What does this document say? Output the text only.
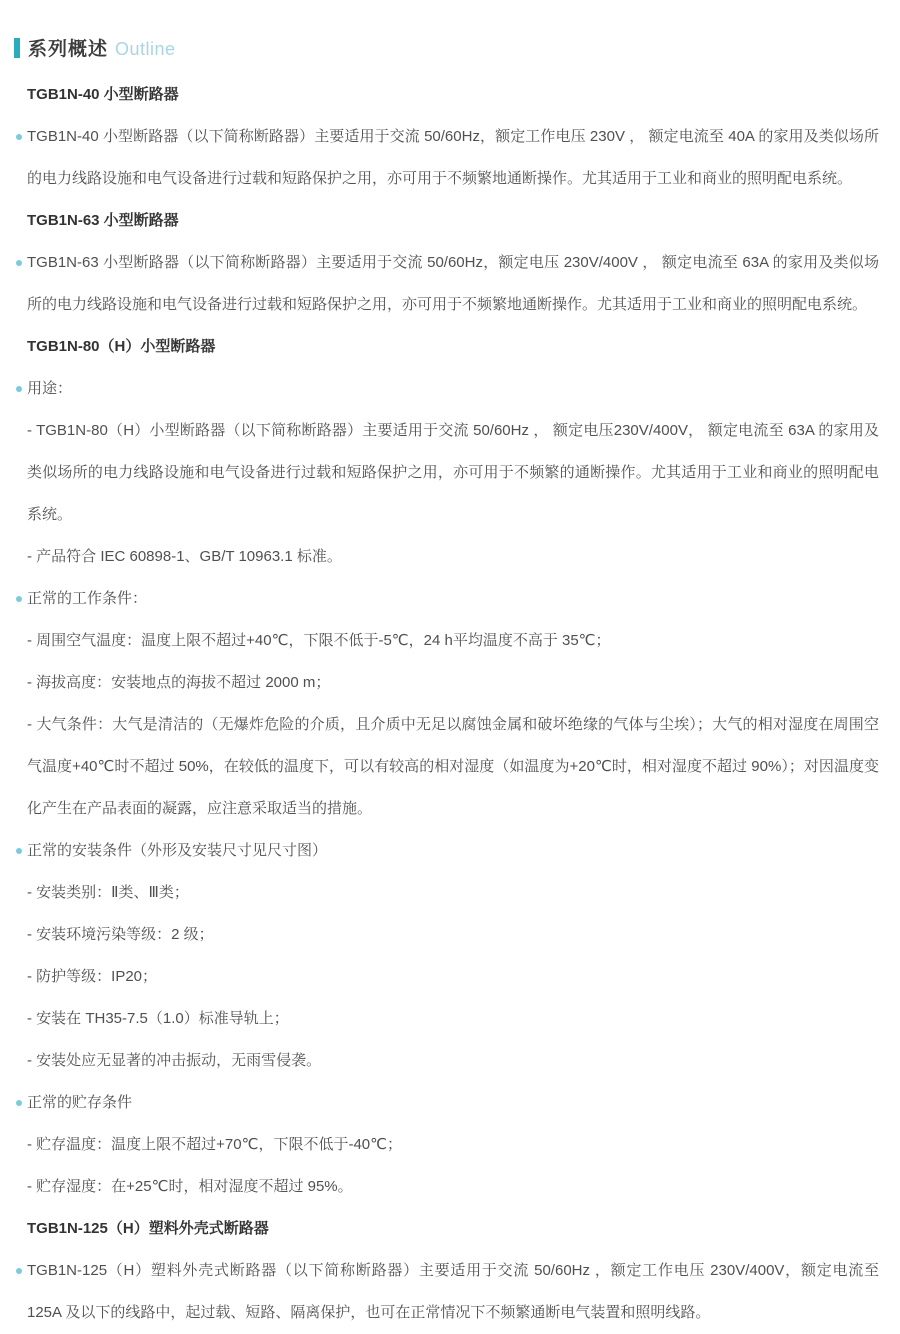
系列概述 Outline
TGB1N-40 小型断路器

TGB1N-40 小型断路器（以下简称断路器）主要适用于交流 50/60Hz，额定工作电压 230V ， 额定电流至 40A 的家用及类似场所的电力线路设施和电气设备进行过载和短路保护之用，亦可用于不频繁地通断操作。尤其适用于工业和商业的照明配电系统。

TGB1N-63 小型断路器

TGB1N-63 小型断路器（以下简称断路器）主要适用于交流 50/60Hz，额定电压 230V/400V ， 额定电流至 63A 的家用及类似场所的电力线路设施和电气设备进行过载和短路保护之用，亦可用于不频繁地通断操作。尤其适用于工业和商业的照明配电系统。

TGB1N-80（H）小型断路器

用途：

- TGB1N-80（H）小型断路器（以下简称断路器）主要适用于交流 50/60Hz ， 额定电压230V/400V， 额定电流至 63A 的家用及类似场所的电力线路设施和电气设备进行过载和短路保护之用，亦可用于不频繁的通断操作。尤其适用于工业和商业的照明配电系统。

- 产品符合 IEC 60898-1、GB/T 10963.1 标准。

正常的工作条件：

- 周围空气温度：温度上限不超过+40℃，下限不低于-5℃，24 h平均温度不高于 35℃；

- 海拔高度：安装地点的海拔不超过 2000 m；

- 大气条件：大气是清洁的（无爆炸危险的介质，且介质中无足以腐蚀金属和破坏绝缘的气体与尘埃）；大气的相对湿度在周围空气温度+40℃时不超过 50%，在较低的温度下，可以有较高的相对湿度（如温度为+20℃时，相对湿度不超过 90%）；对因温度变化产生在产品表面的凝露，应注意采取适当的措施。

正常的安装条件（外形及安装尺寸见尺寸图）

- 安装类别：Ⅱ类、Ⅲ类；

- 安装环境污染等级：2 级；

- 防护等级：IP20；

- 安装在 TH35-7.5（1.0）标准导轨上；

- 安装处应无显著的冲击振动，无雨雪侵袭。

正常的贮存条件

- 贮存温度：温度上限不超过+70℃，下限不低于-40℃；

- 贮存湿度：在+25℃时，相对湿度不超过 95%。

TGB1N-125（H）塑料外壳式断路器

TGB1N-125（H）塑料外壳式断路器（以下简称断路器）主要适用于交流 50/60Hz ，额定工作电压 230V/400V，额定电流至 125A 及以下的线路中，起过载、短路、隔离保护，也可在正常情况下不频繁通断电气装置和照明线路。
